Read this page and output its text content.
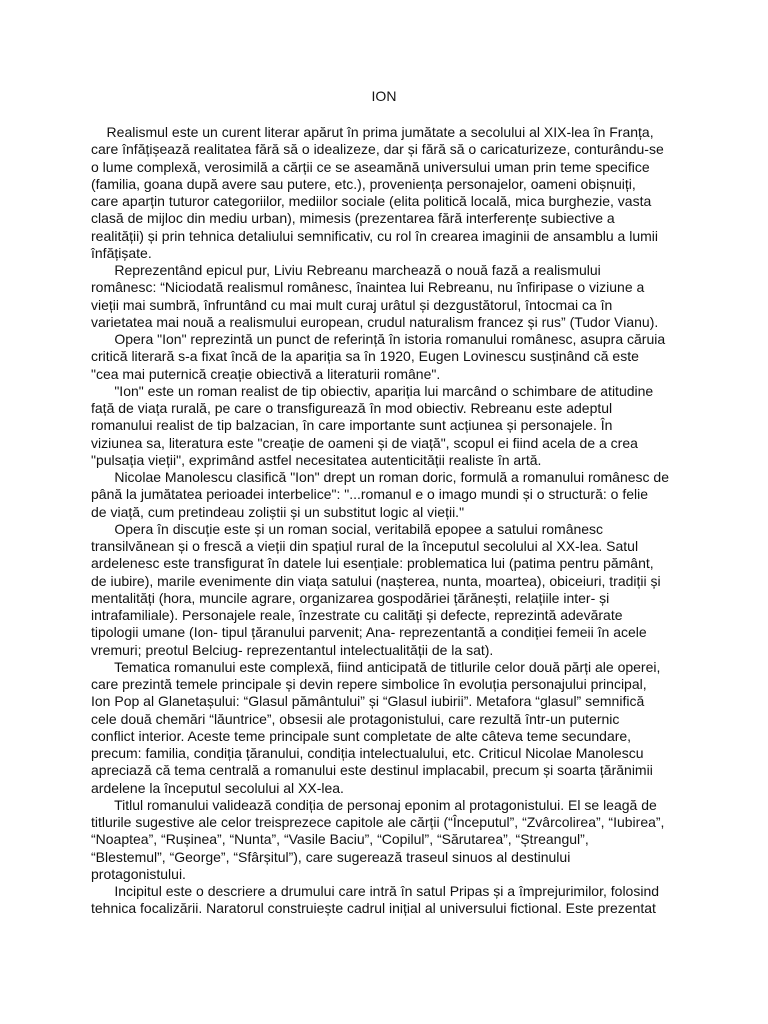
ION
Realismul este un curent literar apărut în prima jumătate a secolului al XIX-lea în Franța,
care înfățișează realitatea fără să o idealizeze, dar și fără să o caricaturizeze, conturându-se
o lume complexă, verosimilă a cărții ce se aseamănă universului uman prin teme specifice
(familia, goana după avere sau putere, etc.), proveniența personajelor, oameni obișnuiți,
care aparțin tuturor categoriilor, mediilor sociale (elita politică locală, mica burghezie, vasta
clasă de mijloc din mediu urban), mimesis (prezentarea fără interferențe subiective a
realității) și prin tehnica detaliului semnificativ, cu rol în crearea imaginii de ansamblu a lumii
înfățișate.
Reprezentând epicul pur, Liviu Rebreanu marchează o nouă fază a realismului
românesc: “Niciodată realismul românesc, înaintea lui Rebreanu, nu înfiripase o viziune a
vieții mai sumbră, înfruntând cu mai mult curaj urâtul și dezgustătorul, întocmai ca în
varietatea mai nouă a realismului european, crudul naturalism francez și rus” (Tudor Vianu).
Opera "Ion" reprezintă un punct de referință în istoria romanului românesc, asupra căruia
critică literară s-a fixat încă de la apariția sa în 1920, Eugen Lovinescu susținând că este
"cea mai puternică creație obiectivă a literaturii române".
"Ion" este un roman realist de tip obiectiv, apariția lui marcând o schimbare de atitudine
față de viața rurală, pe care o transfigurează în mod obiectiv. Rebreanu este adeptul
romanului realist de tip balzacian, în care importante sunt acțiunea și personajele. În
viziunea sa, literatura este "creație de oameni și de viață", scopul ei fiind acela de a crea
"pulsația vieții", exprimând astfel necesitatea autenticității realiste în artă.
Nicolae Manolescu clasifică "Ion" drept un roman doric, formulă a romanului românesc de
până la jumătatea perioadei interbelice": "...romanul e o imago mundi și o structură: o felie
de viață, cum pretindeau zoliștii și un substitut logic al vieții."
Opera în discuție este și un roman social, veritabilă epopee a satului românesc
transilvănean și o frescă a vieții din spațiul rural de la începutul secolului al XX-lea. Satul
ardelenesc este transfigurat în datele lui esențiale: problematica lui (patima pentru pământ,
de iubire), marile evenimente din viața satului (nașterea, nunta, moartea), obiceiuri, tradiții și
mentalități (hora, muncile agrare, organizarea gospodăriei țărănești, relațiile inter- și
intrafamiliale). Personajele reale, înzestrate cu calități și defecte, reprezintă adevărate
tipologii umane (Ion- tipul țăranului parvenit; Ana- reprezentantă a condiției femeii în acele
vremuri; preotul Belciug- reprezentantul intelectualității de la sat).
Tematica romanului este complexă, fiind anticipată de titlurile celor două părți ale operei,
care prezintă temele principale și devin repere simbolice în evoluția personajului principal,
Ion Pop al Glanetașului: “Glasul pământului” și “Glasul iubirii”. Metafora “glasul” semnifică
cele două chemări “lăuntrice”, obsesii ale protagonistului, care rezultă într-un puternic
conflict interior. Aceste teme principale sunt completate de alte câteva teme secundare,
precum: familia, condiția țăranului, condiția intelectualului, etc. Criticul Nicolae Manolescu
apreciază că tema centrală a romanului este destinul implacabil, precum și soarta țărănimii
ardelene la începutul secolului al XX-lea.
Titlul romanului validează condiția de personaj eponim al protagonistului. El se leagă de
titlurile sugestive ale celor treisprezece capitole ale cărții (“Începutul”, “Zvârcolirea”, “Iubirea”,
“Noaptea”, “Rușinea”, “Nunta”, “Vasile Baciu”, “Copilul”, “Sărutarea”, “Ștreangul”,
“Blestemul”, “George”, “Sfârșitul”), care sugerează traseul sinuos al destinului
protagonistului.
Incipitul este o descriere a drumului care intră în satul Pripas și a împrejurimilor, folosind
tehnica focalizării. Naratorul construiește cadrul inițial al universului fictional. Este prezentat
